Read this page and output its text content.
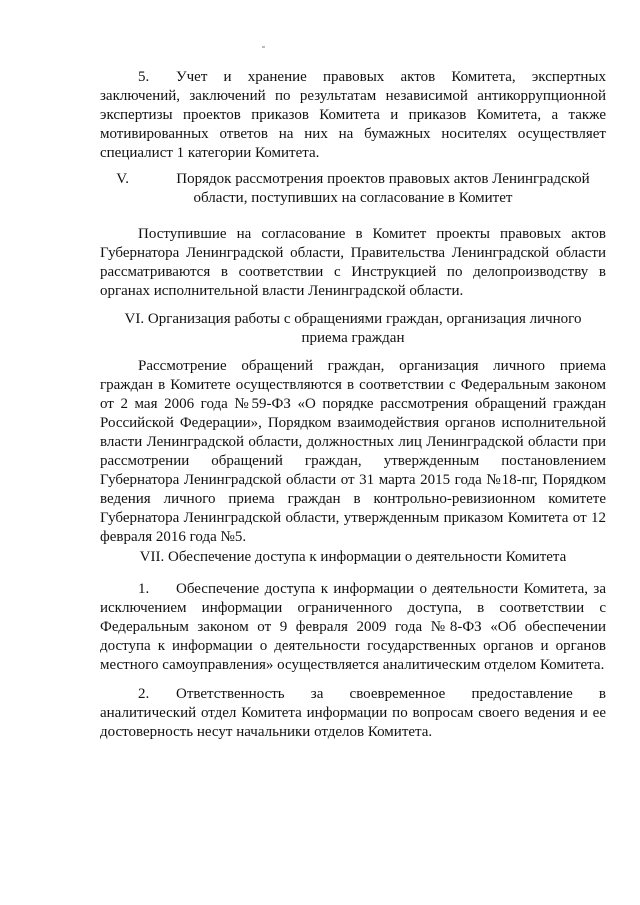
5. Учет и хранение правовых актов Комитета, экспертных заключений, заключений по результатам независимой антикоррупционной экспертизы проектов приказов Комитета и приказов Комитета, а также мотивированных ответов на них на бумажных носителях осуществляет специалист 1 категории Комитета.

V.	Порядок рассмотрения проектов правовых актов Ленинградской
области, поступивших на согласование в Комитет

Поступившие на согласование в Комитет проекты правовых актов Губернатора Ленинградской области, Правительства Ленинградской области рассматриваются в соответствии с Инструкцией по делопроизводству в органах исполнительной власти Ленинградской области.

VI. Организация работы с обращениями граждан, организация личного
приема граждан

Рассмотрение обращений граждан, организация личного приема граждан в Комитете осуществляются в соответствии с Федеральным законом от 2 мая 2006 года №59-ФЗ «О порядке рассмотрения обращений граждан Российской Федерации», Порядком взаимодействия органов исполнительной власти Ленинградской области, должностных лиц Ленинградской области при рассмотрении обращений граждан, утвержденным постановлением Губернатора Ленинградской области от 31 марта 2015 года №18-пг, Порядком ведения личного приема граждан в контрольно-ревизионном комитете Губернатора Ленинградской области, утвержденным приказом Комитета от 12 февраля 2016 года №5.

VII. Обеспечение доступа к информации о деятельности Комитета

1. Обеспечение доступа к информации о деятельности Комитета, за исключением информации ограниченного доступа, в соответствии с Федеральным законом от 9 февраля 2009 года №8-ФЗ «Об обеспечении доступа к информации о деятельности государственных органов и органов местного самоуправления» осуществляется аналитическим отделом Комитета.

2. Ответственность за своевременное предоставление в аналитический отдел Комитета информации по вопросам своего ведения и ее достоверность несут начальники отделов Комитета.
